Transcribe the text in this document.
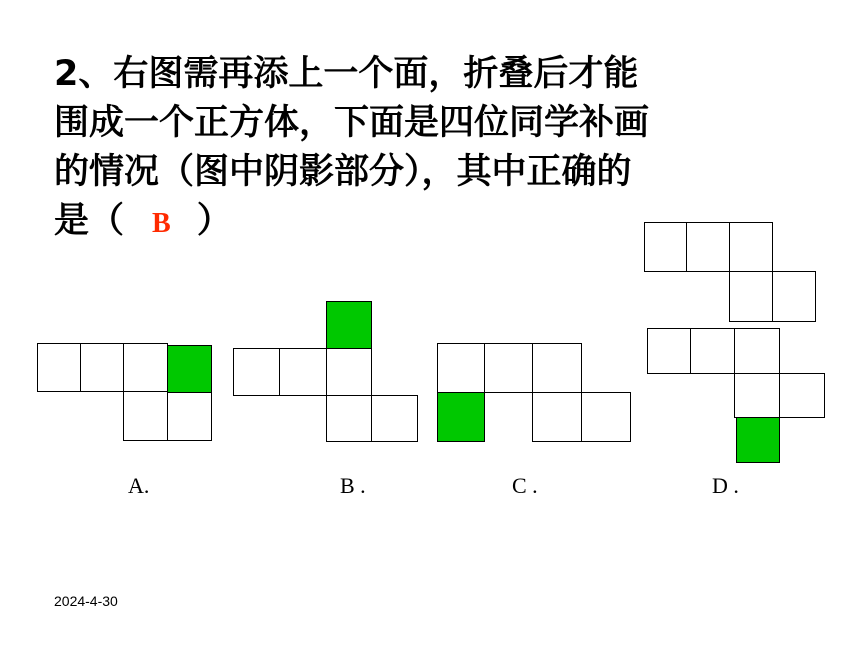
2、右图需再添上一个面，折叠后才能
围成一个正方体，下面是四位同学补画
的情况（图中阴影部分），其中正确的
是（ B ）
A.	B .	C .	D .
2024-4-30
